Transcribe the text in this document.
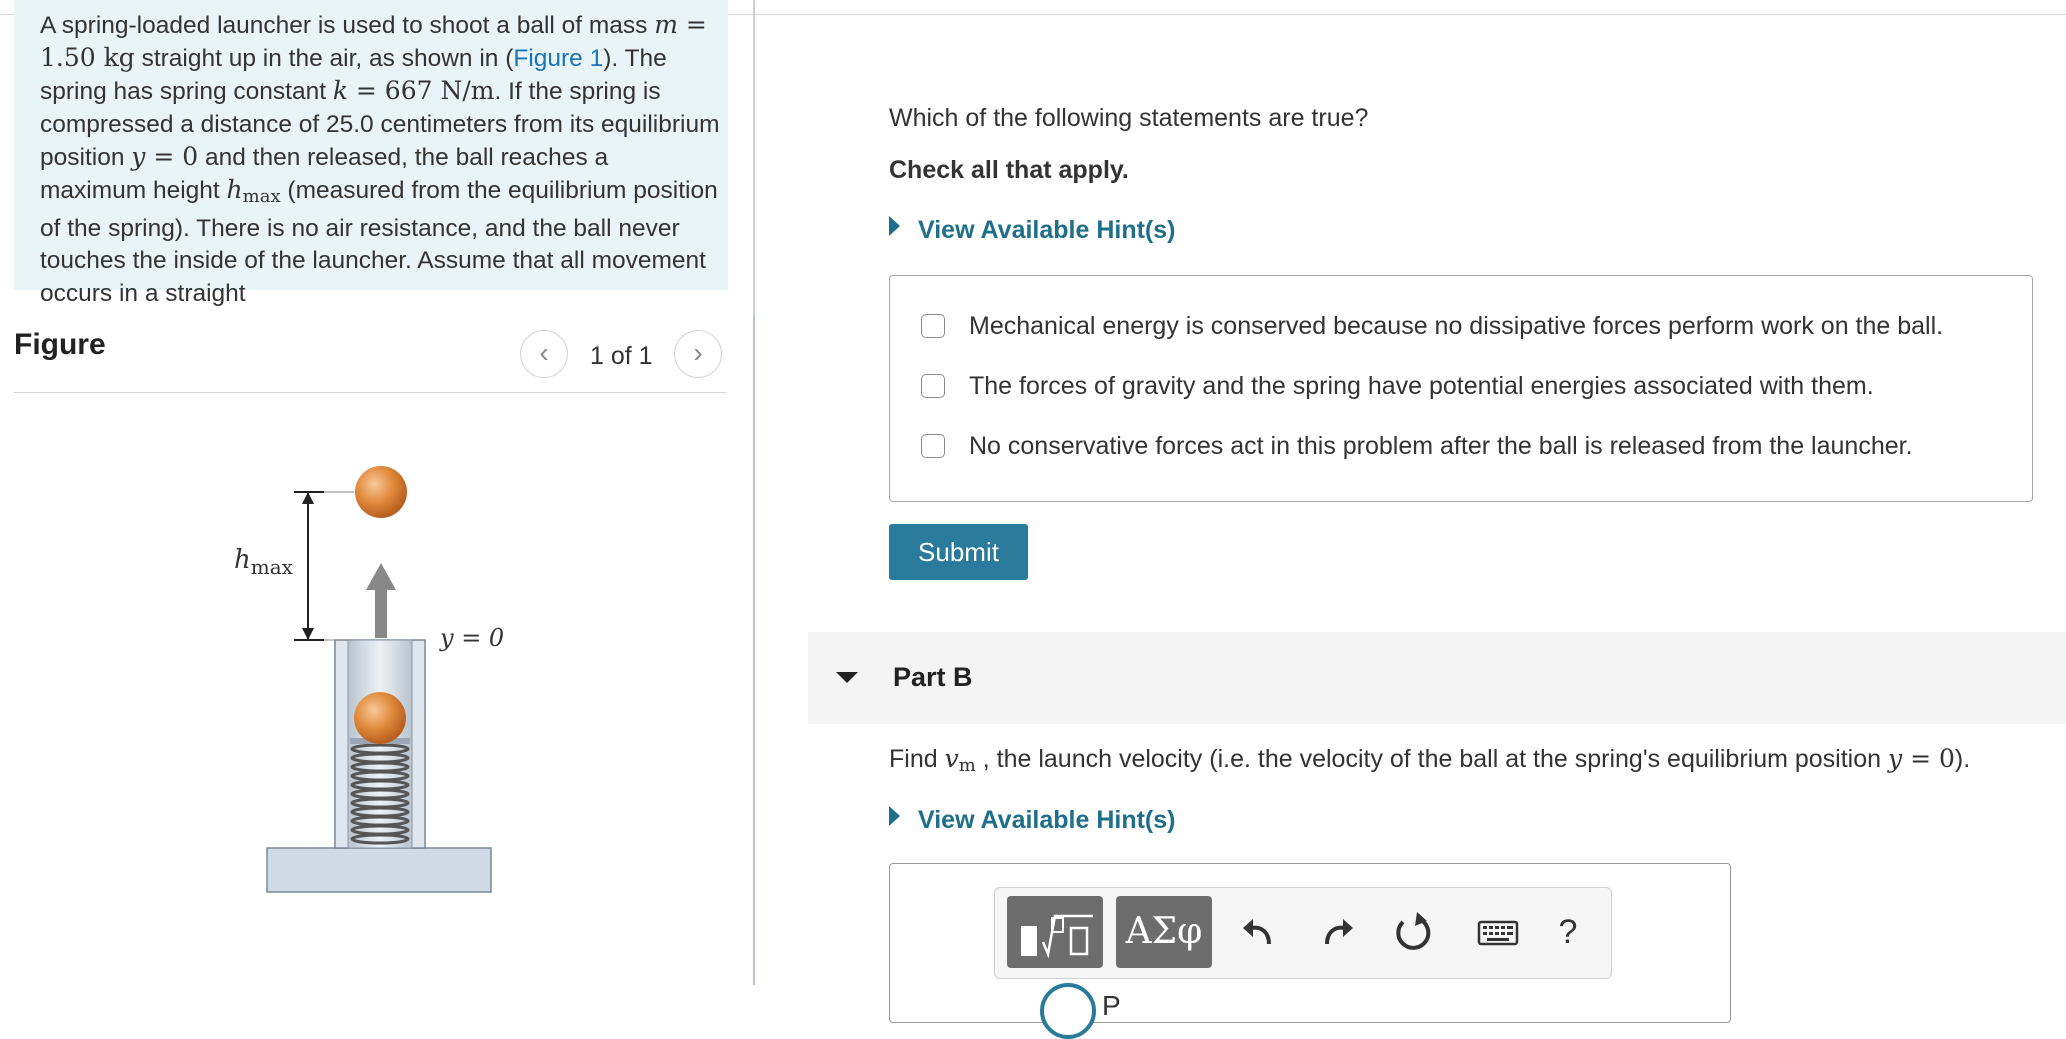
A spring-loaded launcher is used to shoot a ball of mass m = 1.50 kg straight up in the air, as shown in (Figure 1). The spring has spring constant k = 667 N/m. If the spring is compressed a distance of 25.0 centimeters from its equilibrium position y = 0 and then released, the ball reaches a maximum height $h_{max}$ (measured from the equilibrium position of the spring). There is no air resistance, and the ball never touches the inside of the launcher. Assume that all movement occurs in a straight
Figure	‹	1 of 1	›
$h_{max}$
y = 0
Which of the following statements are true?
Check all that apply.
View Available Hint(s)
Mechanical energy is conserved because no dissipative forces perform work on the ball.
The forces of gravity and the spring have potential energies associated with them.
No conservative forces act in this problem after the ball is released from the launcher.
Submit
Part B
Find $v_m$ , the launch velocity (i.e. the velocity of the ball at the spring's equilibrium position y = 0).
View Available Hint(s)
ΑΣφ	?
P
